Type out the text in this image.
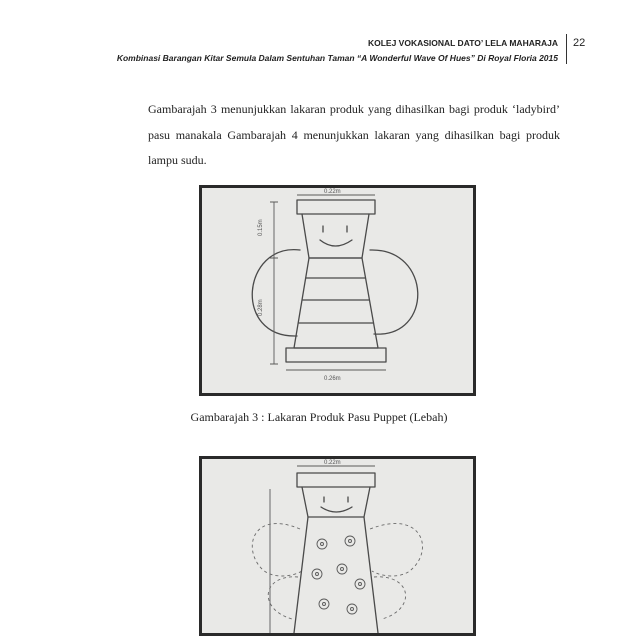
KOLEJ VOKASIONAL DATO’ LELA MAHARAJA
Kombinasi Barangan Kitar Semula Dalam Sentuhan Taman “A Wonderful Wave Of Hues” Di Royal Floria 2015
22

Gambarajah 3 menunjukkan lakaran produk yang dihasilkan bagi produk ‘ladybird’ pasu manakala Gambarajah 4 menunjukkan lakaran yang dihasilkan bagi produk lampu sudu.

0.22m
0.15m
0.28m
0.26m
Gambarajah 3 : Lakaran Produk Pasu Puppet (Lebah)
0.22m
